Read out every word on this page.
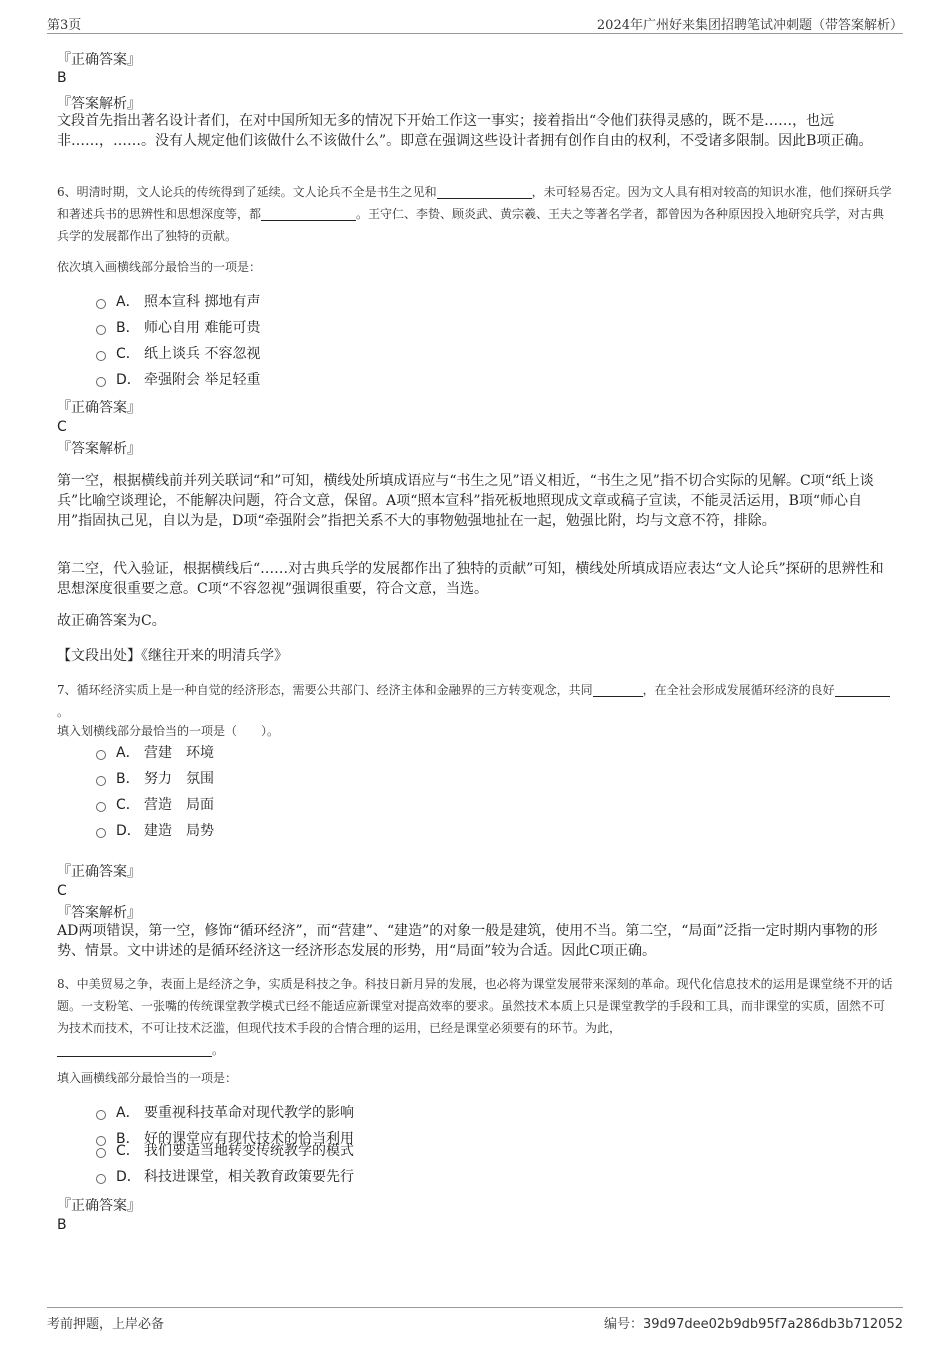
第3页	2024年广州好来集团招聘笔试冲刺题（带答案解析）
『正确答案』
B
『答案解析』
文段首先指出著名设计者们，在对中国所知无多的情况下开始工作这一事实；接着指出“令他们获得灵感的，既不是……，也远非……，……。没有人规定他们该做什么不该做什么”。即意在强调这些设计者拥有创作自由的权利，不受诸多限制。因此B项正确。
6、明清时期，文人论兵的传统得到了延续。文人论兵不全是书生之见和	，未可轻易否定。因为文人具有相对较高的知识水准，他们探研兵学和著述兵书的思辨性和思想深度等，都	。王守仁、李贽、顾炎武、黄宗羲、王夫之等著名学者，都曾因为各种原因投入地研究兵学，对古典兵学的发展都作出了独特的贡献。
依次填入画横线部分最恰当的一项是：
A． 照本宣科 掷地有声
B． 师心自用 难能可贵
C． 纸上谈兵 不容忽视
D． 牵强附会 举足轻重
『正确答案』
C
『答案解析』
第一空，根据横线前并列关联词“和”可知，横线处所填成语应与“书生之见”语义相近，“书生之见”指不切合实际的见解。C项“纸上谈兵”比喻空谈理论，不能解决问题，符合文意，保留。A项“照本宣科”指死板地照现成文章或稿子宣读，不能灵活运用，B项“师心自用”指固执己见，自以为是，D项“牵强附会”指把关系不大的事物勉强地扯在一起，勉强比附，均与文意不符，排除。
第二空，代入验证，根据横线后“……对古典兵学的发展都作出了独特的贡献”可知，横线处所填成语应表达“文人论兵”探研的思辨性和思想深度很重要之意。C项“不容忽视”强调很重要，符合文意，当选。
故正确答案为C。
【文段出处】《继往开来的明清兵学》
7、循环经济实质上是一种自觉的经济形态，需要公共部门、经济主体和金融界的三方转变观念，共同	，在全社会形成发展循环经济的良好。
填入划横线部分最恰当的一项是（　　）。
A． 营建　环境
B． 努力　氛围
C． 营造　局面
D． 建造　局势
『正确答案』
C
『答案解析』
AD两项错误，第一空，修饰“循环经济”，而“营建”、“建造”的对象一般是建筑，使用不当。第二空，“局面”泛指一定时期内事物的形势、情景。文中讲述的是循环经济这一经济形态发展的形势，用“局面”较为合适。因此C项正确。
8、中美贸易之争，表面上是经济之争，实质是科技之争。科技日新月异的发展，也必将为课堂发展带来深刻的革命。现代化信息技术的运用是课堂绕不开的话题。一支粉笔、一张嘴的传统课堂教学模式已经不能适应新课堂对提高效率的要求。虽然技术本质上只是课堂教学的手段和工具，而非课堂的实质，固然不可为技术而技术，不可让技术泛滥，但现代技术手段的合情合理的运用，已经是课堂必须要有的环节。为此，
。
填入画横线部分最恰当的一项是：
A． 要重视科技革命对现代教学的影响
B． 好的课堂应有现代技术的恰当利用
C． 我们要适当地转变传统教学的模式
D． 科技进课堂，相关教育政策要先行
『正确答案』
B
考前押题，上岸必备	编号：39d97dee02b9db95f7a286db3b712052
